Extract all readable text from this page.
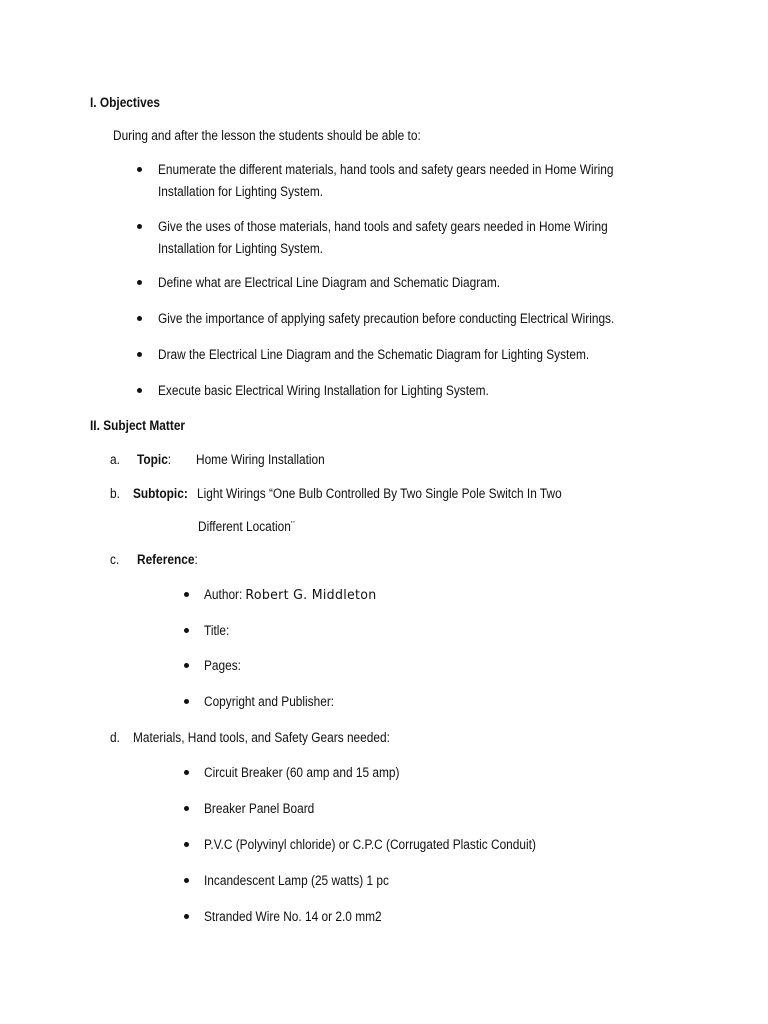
I. Objectives
During and after the lesson the students should be able to:
Enumerate the different materials, hand tools and safety gears needed in Home Wiring
Installation for Lighting System.
Give the uses of those materials, hand tools and safety gears needed in Home Wiring
Installation for Lighting System.
Define what are Electrical Line Diagram and Schematic Diagram.
Give the importance of applying safety precaution before conducting Electrical Wirings.
Draw the Electrical Line Diagram and the Schematic Diagram for Lighting System.
Execute basic Electrical Wiring Installation for Lighting System.
II. Subject Matter
a. Topic: Home Wiring Installation
b. Subtopic: Light Wirings “One Bulb Controlled By Two Single Pole Switch In Two
Different Location¨
c. Reference:
Author: Robert G. Middleton
Title:
Pages:
Copyright and Publisher:
d. Materials, Hand tools, and Safety Gears needed:
Circuit Breaker (60 amp and 15 amp)
Breaker Panel Board
P.V.C (Polyvinyl chloride) or C.P.C (Corrugated Plastic Conduit)
Incandescent Lamp (25 watts) 1 pc
Stranded Wire No. 14 or 2.0 mm2
